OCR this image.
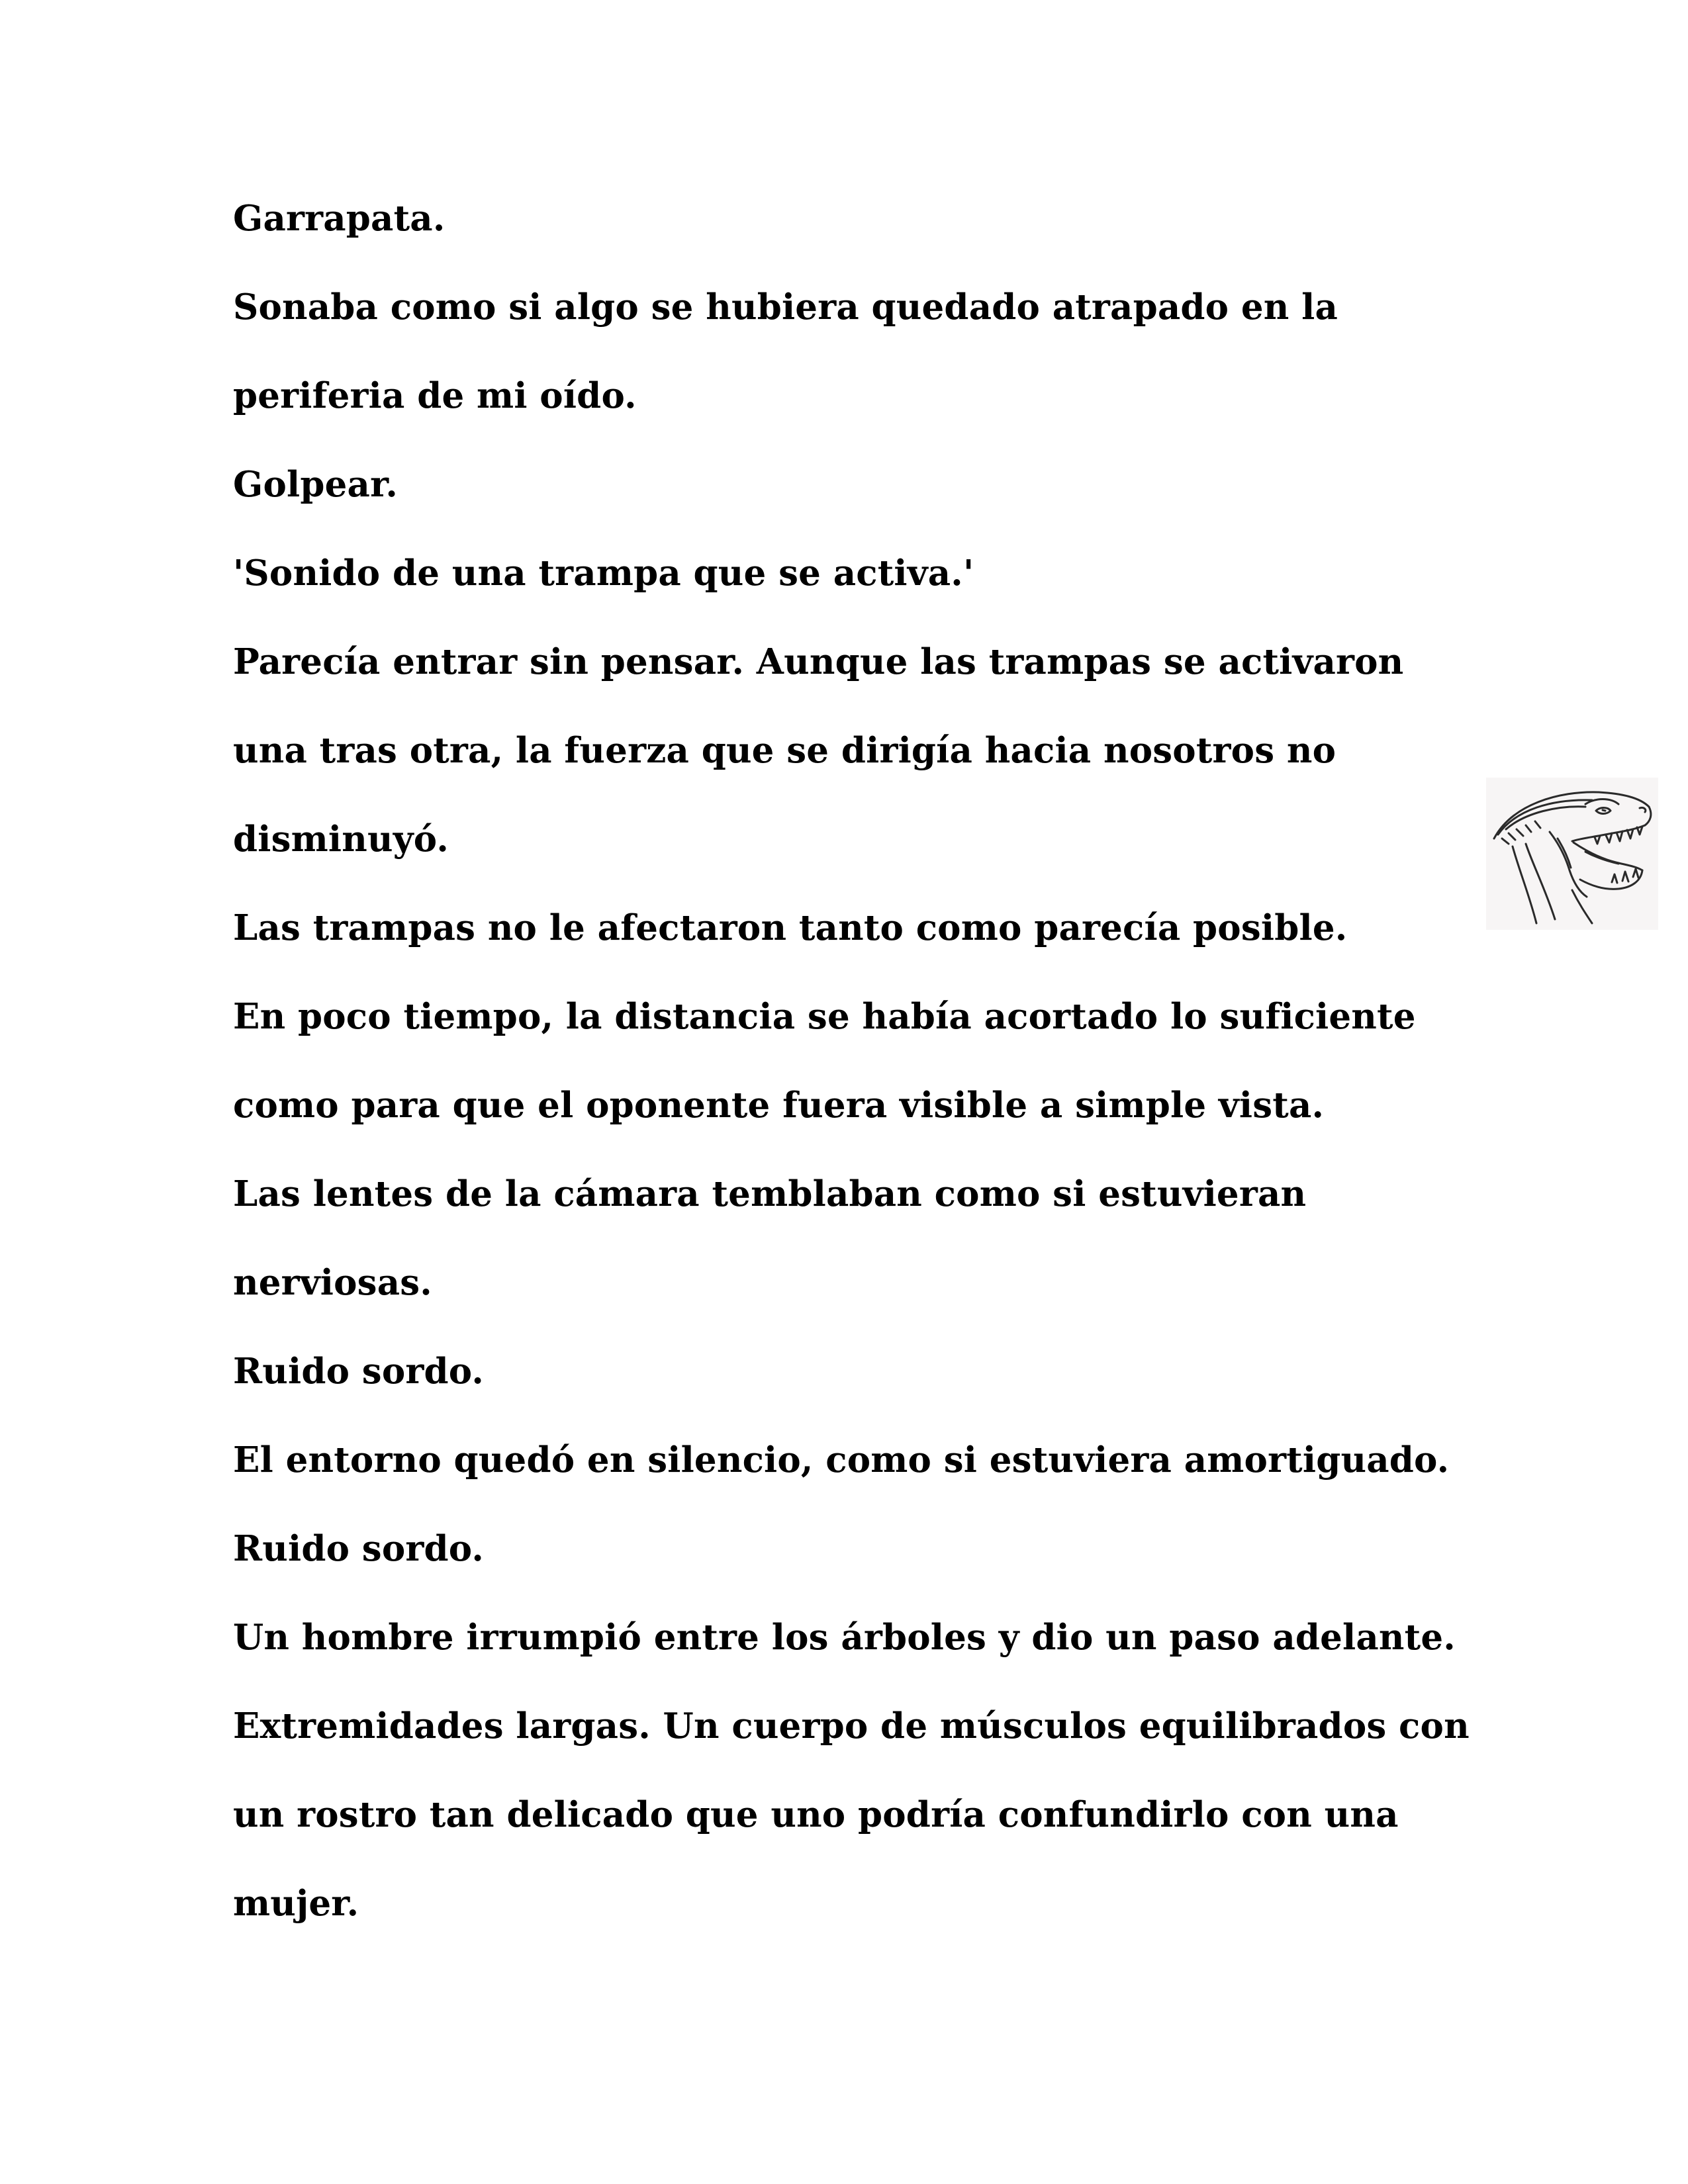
Garrapata.
Sonaba como si algo se hubiera quedado atrapado en la
periferia de mi oído.
Golpear.
'Sonido de una trampa que se activa.'
Parecía entrar sin pensar. Aunque las trampas se activaron
una tras otra, la fuerza que se dirigía hacia nosotros no
disminuyó.
Las trampas no le afectaron tanto como parecía posible.
En poco tiempo, la distancia se había acortado lo suficiente
como para que el oponente fuera visible a simple vista.
Las lentes de la cámara temblaban como si estuvieran
nerviosas.
Ruido sordo.
El entorno quedó en silencio, como si estuviera amortiguado.
Ruido sordo.
Un hombre irrumpió entre los árboles y dio un paso adelante.
Extremidades largas. Un cuerpo de músculos equilibrados con
un rostro tan delicado que uno podría confundirlo con una
mujer.
